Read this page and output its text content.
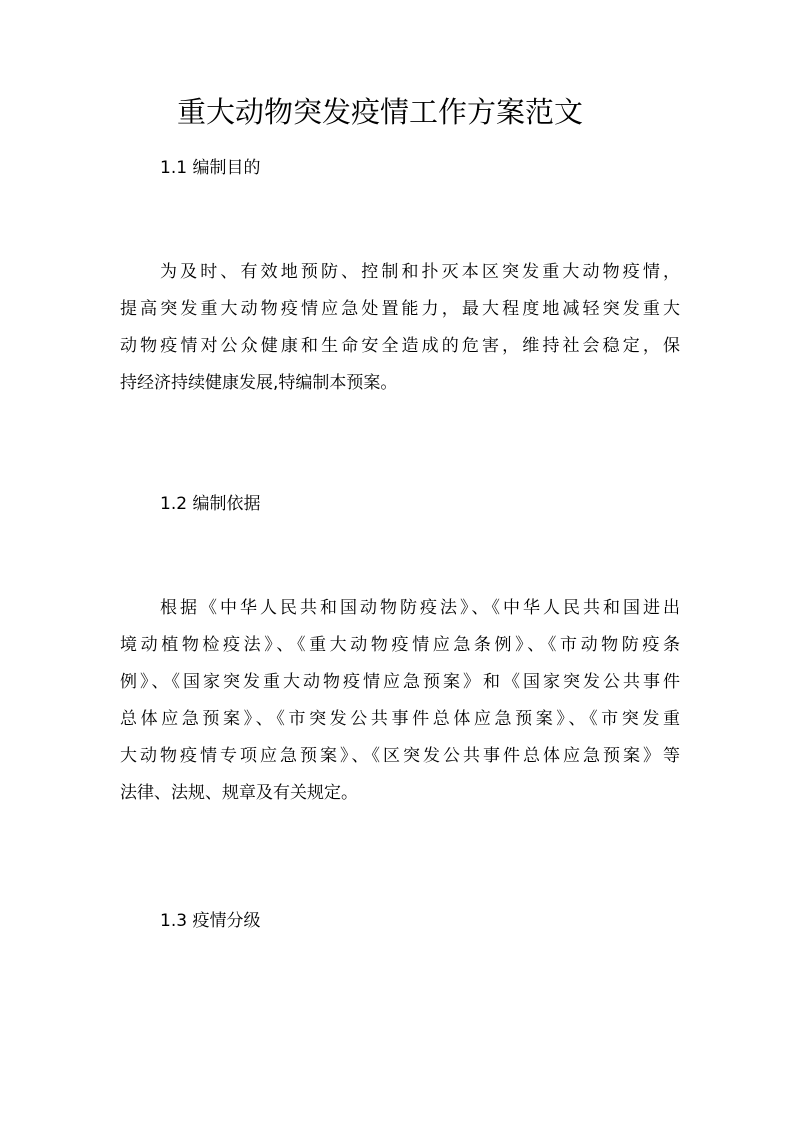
重大动物突发疫情工作方案范文
1.1 编制目的
为及时、有效地预防、控制和扑灭本区突发重大动物疫情，
提高突发重大动物疫情应急处置能力，最大程度地减轻突发重大
动物疫情对公众健康和生命安全造成的危害，维持社会稳定，保
持经济持续健康发展,特编制本预案。
1.2 编制依据
根据《中华人民共和国动物防疫法》、《中华人民共和国进出
境动植物检疫法》、《重大动物疫情应急条例》、《市动物防疫条
例》、《国家突发重大动物疫情应急预案》和《国家突发公共事件
总体应急预案》、《市突发公共事件总体应急预案》、《市突发重
大动物疫情专项应急预案》、《区突发公共事件总体应急预案》等
法律、法规、规章及有关规定。
1.3 疫情分级
